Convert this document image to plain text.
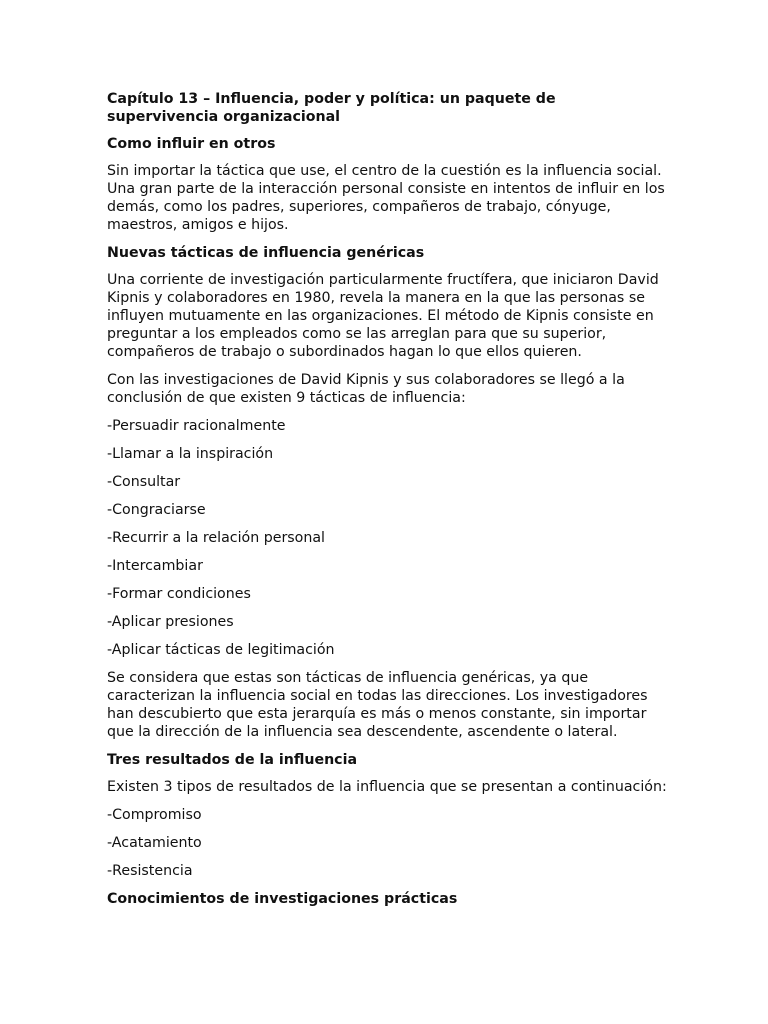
Capítulo 13 – Influencia, poder y política: un paquete de supervivencia organizacional
Como influir en otros
Sin importar la táctica que use, el centro de la cuestión es la influencia social. Una gran parte de la interacción personal consiste en intentos de influir en los demás, como los padres, superiores, compañeros de trabajo, cónyuge, maestros, amigos e hijos.
Nuevas tácticas de influencia genéricas
Una corriente de investigación particularmente fructífera, que iniciaron David Kipnis y colaboradores en 1980, revela la manera en la que las personas se influyen mutuamente en las organizaciones. El método de Kipnis consiste en preguntar a los empleados como se las arreglan para que su superior, compañeros de trabajo o subordinados hagan lo que ellos quieren.
Con las investigaciones de David Kipnis y sus colaboradores se llegó a la conclusión de que existen 9 tácticas de influencia:
-Persuadir racionalmente
-Llamar a la inspiración
-Consultar
-Congraciarse
-Recurrir a la relación personal
-Intercambiar
-Formar condiciones
-Aplicar presiones
-Aplicar tácticas de legitimación
Se considera que estas son tácticas de influencia genéricas, ya que caracterizan la influencia social en todas las direcciones. Los investigadores han descubierto que esta jerarquía es más o menos constante, sin importar que la dirección de la influencia sea descendente, ascendente o lateral.
Tres resultados de la influencia
Existen 3 tipos de resultados de la influencia que se presentan a continuación:
-Compromiso
-Acatamiento
-Resistencia
Conocimientos de investigaciones prácticas
